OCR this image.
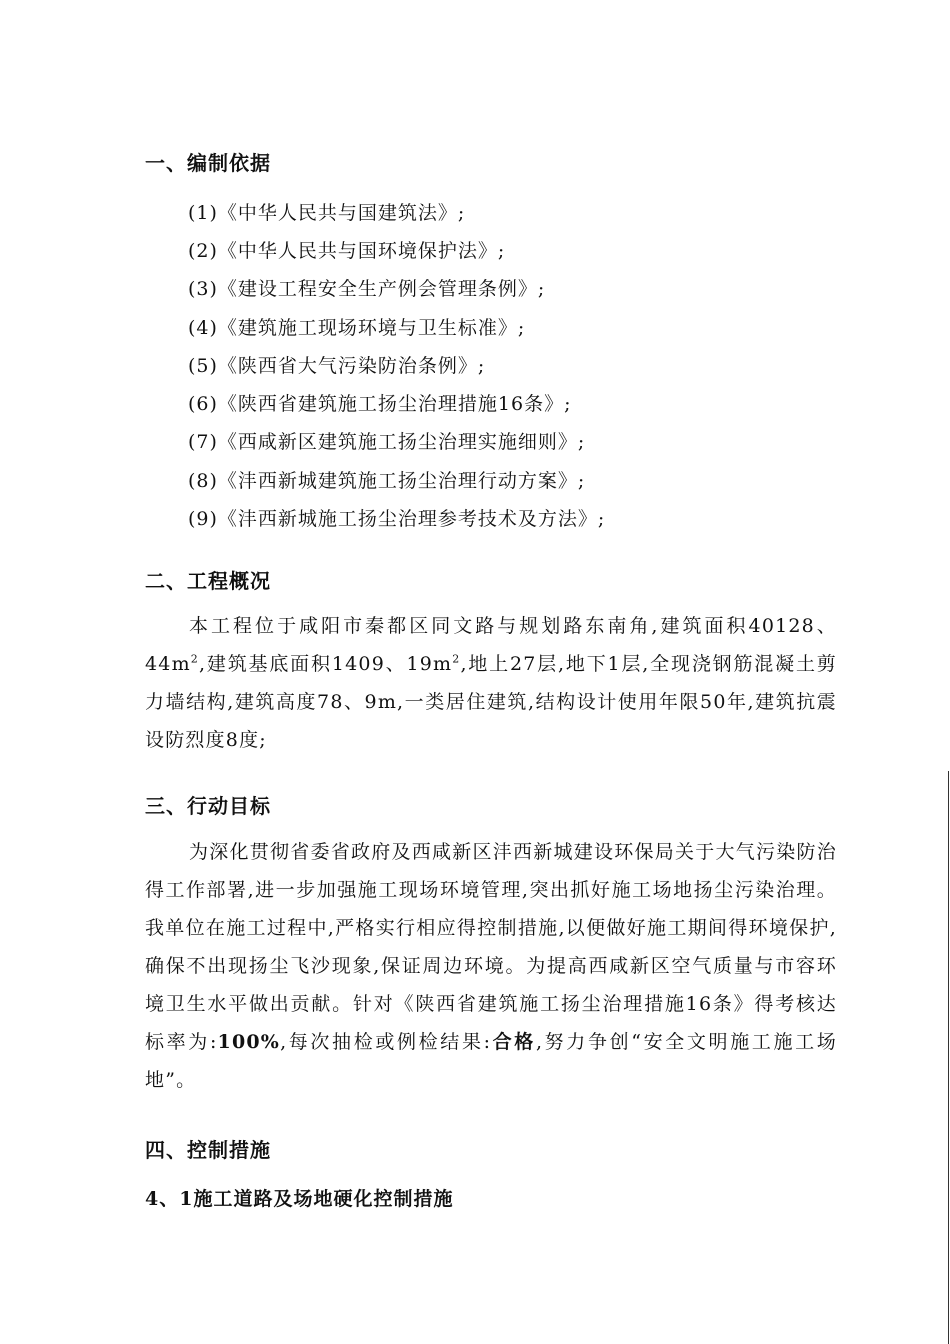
一、编制依据
(1)《中华人民共与国建筑法》;
(2)《中华人民共与国环境保护法》;
(3)《建设工程安全生产例会管理条例》;
(4)《建筑施工现场环境与卫生标准》;
(5)《陕西省大气污染防治条例》;
(6)《陕西省建筑施工扬尘治理措施16条》;
(7)《西咸新区建筑施工扬尘治理实施细则》;
(8)《沣西新城建筑施工扬尘治理行动方案》;
(9)《沣西新城施工扬尘治理参考技术及方法》;
二、工程概况
本工程位于咸阳市秦都区同文路与规划路东南角,建筑面积40128、$44m^2$,建筑基底面积1409、$19m^2$,地上27层,地下1层,全现浇钢筋混凝土剪力墙结构,建筑高度78、9m,一类居住建筑,结构设计使用年限50年,建筑抗震设防烈度8度;
三、行动目标
为深化贯彻省委省政府及西咸新区沣西新城建设环保局关于大气污染防治得工作部署,进一步加强施工现场环境管理,突出抓好施工场地扬尘污染治理。我单位在施工过程中,严格实行相应得控制措施,以便做好施工期间得环境保护,确保不出现扬尘飞沙现象,保证周边环境。为提高西咸新区空气质量与市容环境卫生水平做出贡献。针对《陕西省建筑施工扬尘治理措施16条》得考核达标率为:100%,每次抽检或例检结果:合格,努力争创“安全文明施工施工场地”。
四、控制措施
4、1施工道路及场地硬化控制措施
